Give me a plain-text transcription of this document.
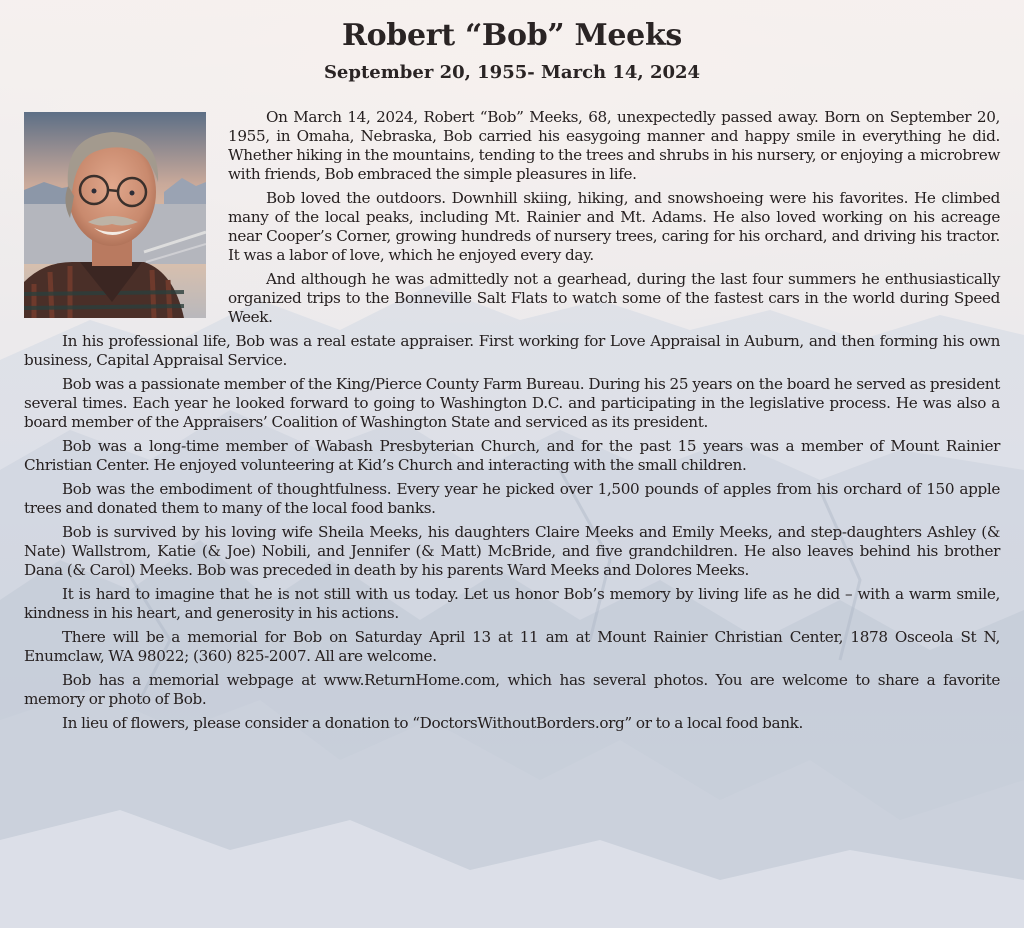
Robert “Bob” Meeks
September 20, 1955- March 14, 2024

On March 14, 2024, Robert “Bob” Meeks, 68, unexpectedly passed away. Born on September 20, 1955, in Omaha, Nebraska, Bob carried his easygoing manner and happy smile in everything he did. Whether hiking in the mountains, tending to the trees and shrubs in his nursery, or enjoying a microbrew with friends, Bob embraced the simple pleasures in life.

Bob loved the outdoors. Downhill skiing, hiking, and snowshoeing were his favorites. He climbed many of the local peaks, including Mt. Rainier and Mt. Adams. He also loved working on his acreage near Cooper’s Corner, growing hundreds of nursery trees, caring for his orchard, and driving his tractor. It was a labor of love, which he enjoyed every day.

And although he was admittedly not a gearhead, during the last four summers he enthusiastically organized trips to the Bonneville Salt Flats to watch some of the fastest cars in the world during Speed Week.

In his professional life, Bob was a real estate appraiser. First working for Love Appraisal in Auburn, and then forming his own business, Capital Appraisal Service.

Bob was a passionate member of the King/Pierce County Farm Bureau. During his 25 years on the board he served as president several times. Each year he looked forward to going to Washington D.C. and participating in the legislative process. He was also a board member of the Appraisers’ Coalition of Washington State and serviced as its president.

Bob was a long-time member of Wabash Presbyterian Church, and for the past 15 years was a member of Mount Rainier Christian Center. He enjoyed volunteering at Kid’s Church and interacting with the small children.

Bob was the embodiment of thoughtfulness. Every year he picked over 1,500 pounds of apples from his orchard of 150 apple trees and donated them to many of the local food banks.

Bob is survived by his loving wife Sheila Meeks, his daughters Claire Meeks and Emily Meeks, and step-daughters Ashley (& Nate) Wallstrom, Katie (& Joe) Nobili, and Jennifer (& Matt) McBride, and five grandchildren. He also leaves behind his brother Dana (& Carol) Meeks. Bob was preceded in death by his parents Ward Meeks and Dolores Meeks.

It is hard to imagine that he is not still with us today. Let us honor Bob’s memory by living life as he did – with a warm smile, kindness in his heart, and generosity in his actions.

There will be a memorial for Bob on Saturday April 13 at 11 am at Mount Rainier Christian Center, 1878 Osceola St N, Enumclaw, WA 98022; (360) 825-2007. All are welcome.

Bob has a memorial webpage at www.ReturnHome.com, which has several photos. You are welcome to share a favorite memory or photo of Bob.

In lieu of flowers, please consider a donation to “DoctorsWithoutBorders.org” or to a local food bank.
